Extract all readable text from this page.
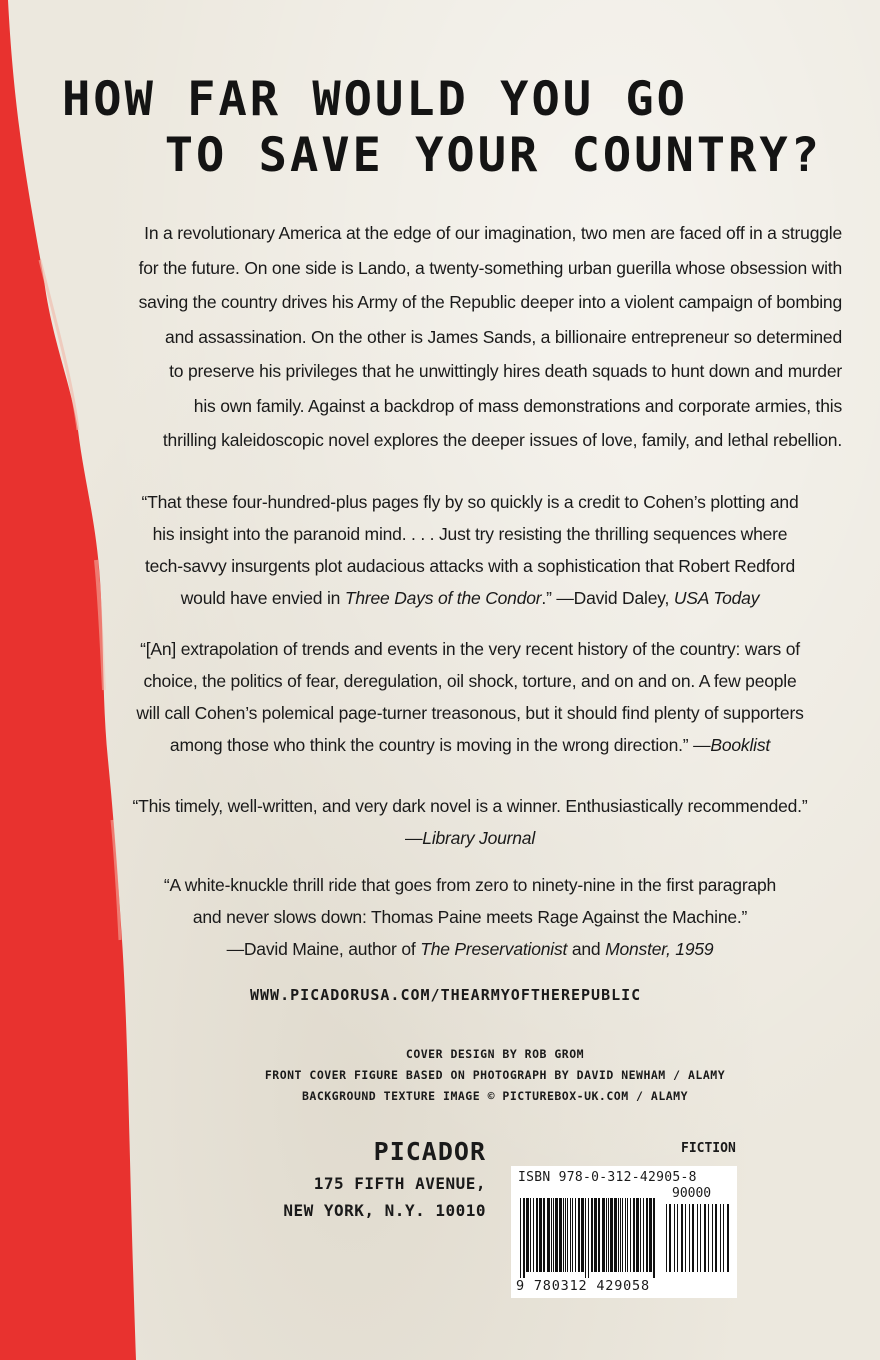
HOW FAR WOULD YOU GO
TO SAVE YOUR COUNTRY?
In a revolutionary America at the edge of our imagination, two men are faced off in a struggle
for the future. On one side is Lando, a twenty-something urban guerilla whose obsession with
saving the country drives his Army of the Republic deeper into a violent campaign of bombing
and assassination. On the other is James Sands, a billionaire entrepreneur so determined
to preserve his privileges that he unwittingly hires death squads to hunt down and murder
his own family. Against a backdrop of mass demonstrations and corporate armies, this
thrilling kaleidoscopic novel explores the deeper issues of love, family, and lethal rebellion.
“That these four-hundred-plus pages fly by so quickly is a credit to Cohen’s plotting and
his insight into the paranoid mind. . . . Just try resisting the thrilling sequences where
tech-savvy insurgents plot audacious attacks with a sophistication that Robert Redford
would have envied in Three Days of the Condor.” —David Daley, USA Today
“[An] extrapolation of trends and events in the very recent history of the country: wars of
choice, the politics of fear, deregulation, oil shock, torture, and on and on. A few people
will call Cohen’s polemical page-turner treasonous, but it should find plenty of supporters
among those who think the country is moving in the wrong direction.” —Booklist
“This timely, well-written, and very dark novel is a winner. Enthusiastically recommended.”
—Library Journal
“A white-knuckle thrill ride that goes from zero to ninety-nine in the first paragraph
and never slows down: Thomas Paine meets Rage Against the Machine.”
—David Maine, author of The Preservationist and Monster, 1959
WWW.PICADORUSA.COM/THEARMYOFTHEREPUBLIC
COVER DESIGN BY ROB GROM
FRONT COVER FIGURE BASED ON PHOTOGRAPH BY DAVID NEWHAM / ALAMY
BACKGROUND TEXTURE IMAGE © PICTUREBOX-UK.COM / ALAMY
PICADOR
175 FIFTH AVENUE,
NEW YORK, N.Y. 10010
FICTION
ISBN 978-0-312-42905-8
90000
9 780312 429058
